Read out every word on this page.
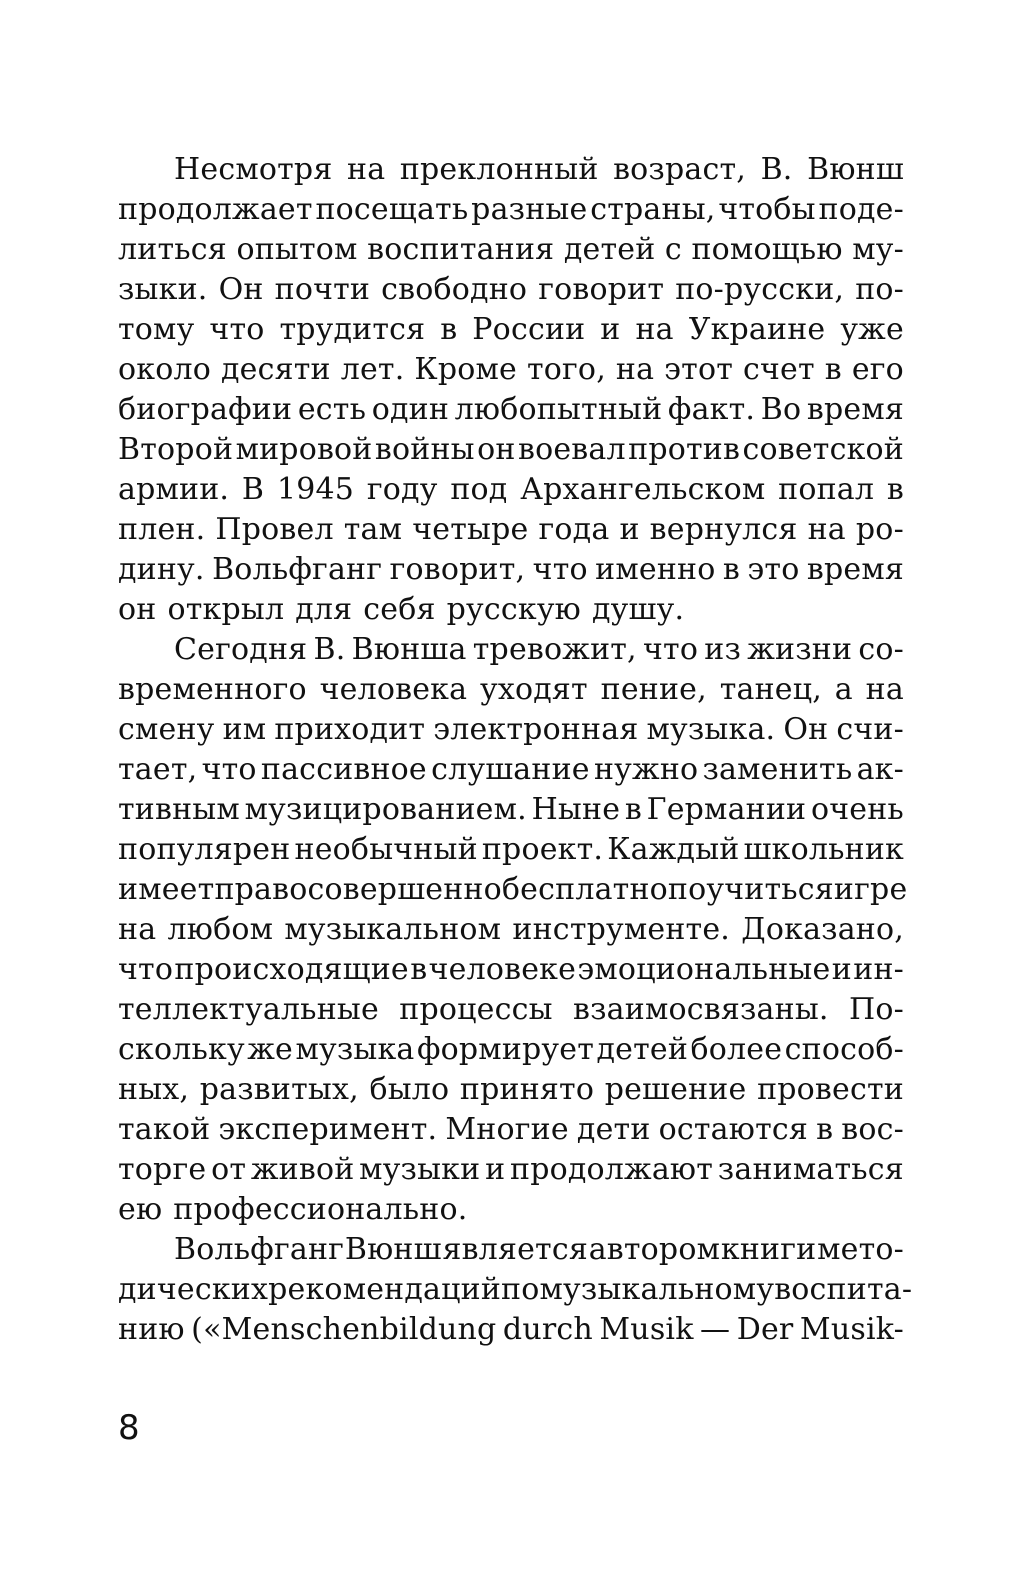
Несмотря на преклонный возраст, В. Вюнш
продолжает посещать разные страны, чтобы поде-
литься опытом воспитания детей с помощью му-
зыки. Он почти свободно говорит по-русски, по-
тому что трудится в России и на Украине уже
около десяти лет. Кроме того, на этот счет в его
биографии есть один любопытный факт. Во время
Второй мировой войны он воевал против советской
армии. В 1945 году под Архангельском попал в
плен. Провел там четыре года и вернулся на ро-
дину. Вольфганг говорит, что именно в это время
он открыл для себя русскую душу.
Сегодня В. Вюнша тревожит, что из жизни со-
временного человека уходят пение, танец, а на
смену им приходит электронная музыка. Он счи-
тает, что пассивное слушание нужно заменить ак-
тивным музицированием. Ныне в Германии очень
популярен необычный проект. Каждый школьник
имеет право совершенно бесплатно поучиться игре
на любом музыкальном инструменте. Доказано,
что происходящие в человеке эмоциональные и ин-
теллектуальные процессы взаимосвязаны. По-
скольку же музыка формирует детей более способ-
ных, развитых, было принято решение провести
такой эксперимент. Многие дети остаются в вос-
торге от живой музыки и продолжают заниматься
ею профессионально.
Вольфганг Вюнш является автором книги мето-
дических рекомендаций по музыкальному воспита-
нию («Menschenbildung durch Musik — Der Musik-
8
